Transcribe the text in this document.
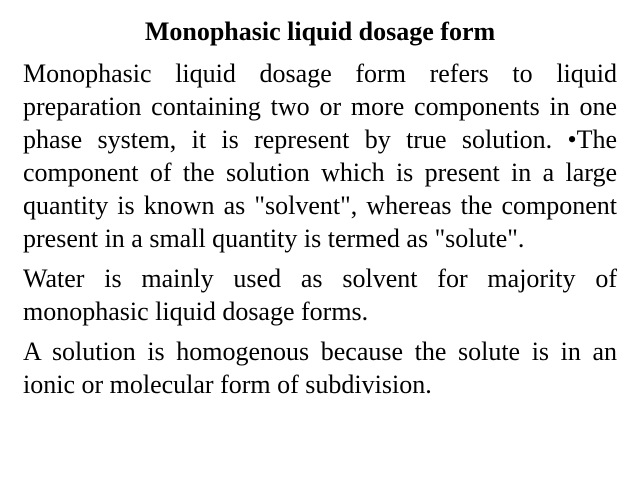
Monophasic liquid dosage form

Monophasic liquid dosage form refers to liquid preparation containing two or more components in one phase system, it is represent by true solution. •The component of the solution which is present in a large quantity is known as "solvent", whereas the component present in a small quantity is termed as "solute".

Water is mainly used as solvent for majority of monophasic liquid dosage forms.

A solution is homogenous because the solute is in an ionic or molecular form of subdivision.
